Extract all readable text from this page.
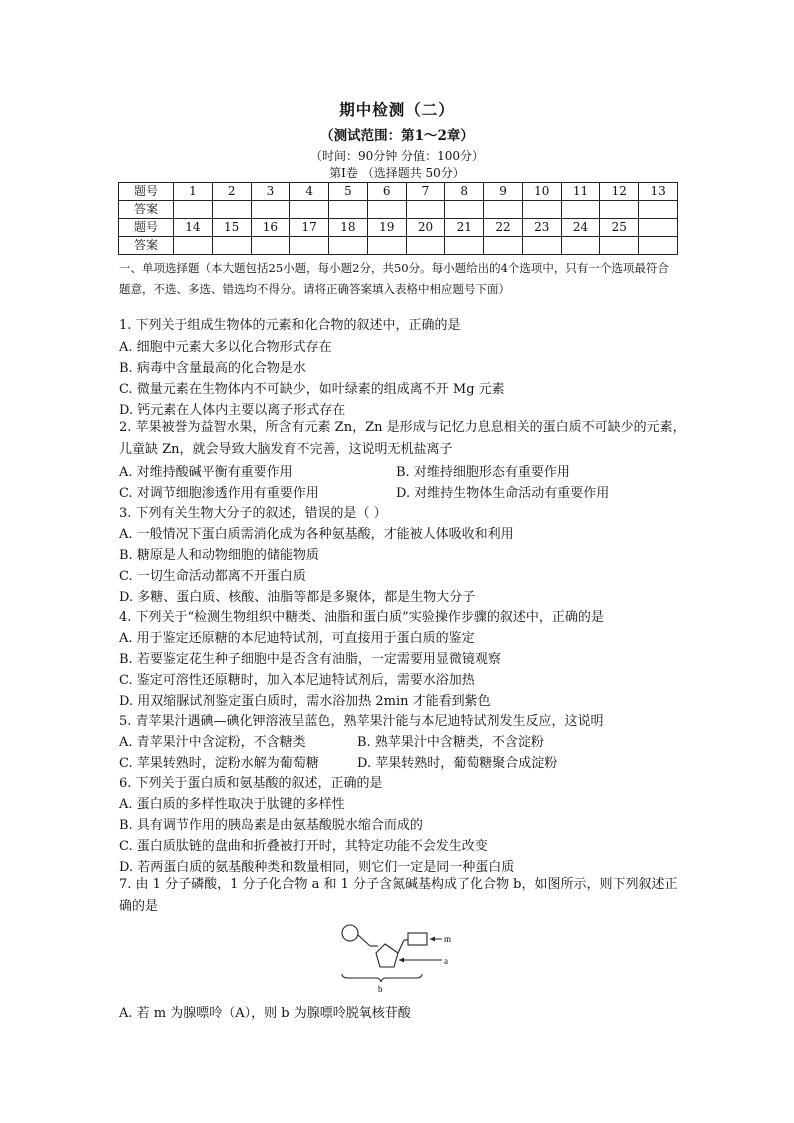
期中检测（二）
（测试范围：第1～2章）
（时间：90分钟 分值：100分）
第Ⅰ卷 （选择题共 50分）
题号	1	2	3	4	5	6	7	8	9	10	11	12	13
答案													
题号	14	15	16	17	18	19	20	21	22	23	24	25	
答案													
一、单项选择题（本大题包括25小题，每小题2分，共50分。每小题给出的4个选项中，只有一个选项最符合题意，不选、多选、错选均不得分。请将正确答案填入表格中相应题号下面）
1. 下列关于组成生物体的元素和化合物的叙述中，正确的是
A. 细胞中元素大多以化合物形式存在
B. 病毒中含量最高的化合物是水
C. 微量元素在生物体内不可缺少，如叶绿素的组成离不开 Mg 元素
D. 钙元素在人体内主要以离子形式存在
2. 苹果被誉为益智水果，所含有元素 Zn，Zn 是形成与记忆力息息相关的蛋白质不可缺少的元素，儿童缺 Zn，就会导致大脑发育不完善，这说明无机盐离子
A. 对维持酸碱平衡有重要作用	B. 对维持细胞形态有重要作用
C. 对调节细胞渗透作用有重要作用	D. 对维持生物体生命活动有重要作用
3. 下列有关生物大分子的叙述，错误的是（ ）
A. 一般情况下蛋白质需消化成为各种氨基酸，才能被人体吸收和利用
B. 糖原是人和动物细胞的储能物质
C. 一切生命活动都离不开蛋白质
D. 多糖、蛋白质、核酸、油脂等都是多聚体，都是生物大分子
4. 下列关于“检测生物组织中糖类、油脂和蛋白质”实验操作步骤的叙述中，正确的是
A. 用于鉴定还原糖的本尼迪特试剂，可直接用于蛋白质的鉴定
B. 若要鉴定花生种子细胞中是否含有油脂，一定需要用显微镜观察
C. 鉴定可溶性还原糖时，加入本尼迪特试剂后，需要水浴加热
D. 用双缩脲试剂鉴定蛋白质时，需水浴加热 2min 才能看到紫色
5. 青苹果汁遇碘—碘化钾溶液呈蓝色，熟苹果汁能与本尼迪特试剂发生反应，这说明
A. 青苹果汁中含淀粉，不含糖类	B. 熟苹果汁中含糖类，不含淀粉
C. 苹果转熟时，淀粉水解为葡萄糖	D. 苹果转熟时，葡萄糖聚合成淀粉
6. 下列关于蛋白质和氨基酸的叙述，正确的是
A. 蛋白质的多样性取决于肽键的多样性
B. 具有调节作用的胰岛素是由氨基酸脱水缩合而成的
C. 蛋白质肽链的盘曲和折叠被打开时，其特定功能不会发生改变
D. 若两蛋白质的氨基酸种类和数量相同，则它们一定是同一种蛋白质
7. 由 1 分子磷酸，1 分子化合物 a 和 1 分子含氮碱基构成了化合物 b，如图所示，则下列叙述正确的是
m
a
b
A. 若 m 为腺嘌呤（A），则 b 为腺嘌呤脱氧核苷酸
